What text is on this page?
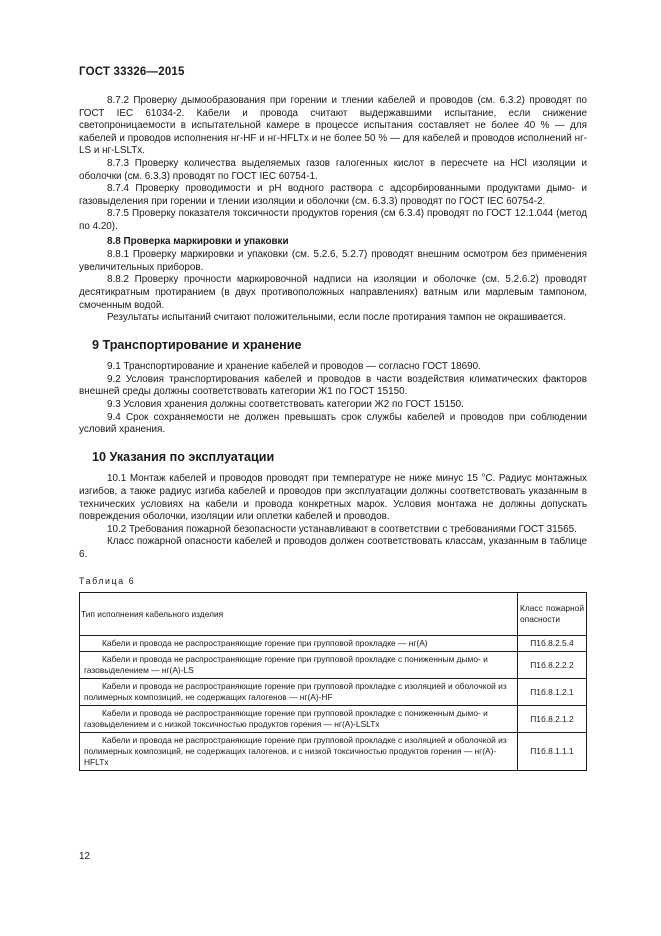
ГОСТ 33326—2015

8.7.2 Проверку дымообразования при горении и тлении кабелей и проводов (см. 6.3.2) проводят по ГОСТ IEC 61034-2. Кабели и провода считают выдержавшими испытание, если снижение светопроницаемости в испытательной камере в процессе испытания составляет не более 40 % — для кабелей и проводов исполнения нг-HF и нг-HFLTx и не более 50 % — для кабелей и проводов исполнений нг-LS и нг-LSLTx.

8.7.3 Проверку количества выделяемых газов галогенных кислот в пересчете на HCl изоляции и оболочки (см. 6.3.3) проводят по ГОСТ IEC 60754-1.

8.7.4 Проверку проводимости и pH водного раствора с адсорбированными продуктами дымо- и газовыделения при горении и тлении изоляции и оболочки (см. 6.3.3) проводят по ГОСТ IEC 60754-2.

8.7.5 Проверку показателя токсичности продуктов горения (см 6.3.4) проводят по ГОСТ 12.1.044 (метод по 4.20).

8.8 Проверка маркировки и упаковки

8.8.1 Проверку маркировки и упаковки (см. 5.2.6, 5.2.7) проводят внешним осмотром без применения увеличительных приборов.

8.8.2 Проверку прочности маркировочной надписи на изоляции и оболочке (см. 5.2.6.2) проводят десятикратным протиранием (в двух противоположных направлениях) ватным или марлевым тампоном, смоченным водой.

Результаты испытаний считают положительными, если после протирания тампон не окрашивается.

9 Транспортирование и хранение

9.1 Транспортирование и хранение кабелей и проводов — согласно ГОСТ 18690.

9.2 Условия транспортирования кабелей и проводов в части воздействия климатических факторов внешней среды должны соответствовать категории Ж1 по ГОСТ 15150.

9.3 Условия хранения должны соответствовать категории Ж2 по ГОСТ 15150.

9.4 Срок сохраняемости не должен превышать срок службы кабелей и проводов при соблюдении условий хранения.

10 Указания по эксплуатации

10.1 Монтаж кабелей и проводов проводят при температуре не ниже минус 15 °C. Радиус монтажных изгибов, а также радиус изгиба кабелей и проводов при эксплуатации должны соответствовать указанным в технических условиях на кабели и провода конкретных марок. Условия монтажа не должны допускать повреждения оболочки, изоляции или оплетки кабелей и проводов.

10.2 Требования пожарной безопасности устанавливают в соответствии с требованиями ГОСТ 31565.

Класс пожарной опасности кабелей и проводов должен соответствовать классам, указанным в таблице 6.

Таблица 6

Тип исполнения кабельного изделия	Класс пожарной опасности
Кабели и провода не распространяющие горение при групповой прокладке — нг(A)	П1б.8.2.5.4
Кабели и провода не распространяющие горение при групповой прокладке с пониженным дымо- и газовыделением — нг(A)-LS	П1б.8.2.2.2
Кабели и провода не распространяющие горение при групповой прокладке с изоляцией и оболочкой из полимерных композиций, не содержащих галогенов — нг(A)-HF	П1б.8.1.2.1
Кабели и провода не распространяющие горение при групповой прокладке с пониженным дымо- и газовыделением и с низкой токсичностью продуктов горения — нг(A)-LSLTx	П1б.8.2.1.2
Кабели и провода не распространяющие горение при групповой прокладке с изоляцией и оболочкой из полимерных композиций, не содержащих галогенов, и с низкой токсичностью продуктов горения — нг(A)-HFLTx	П1б.8.1.1.1
12
